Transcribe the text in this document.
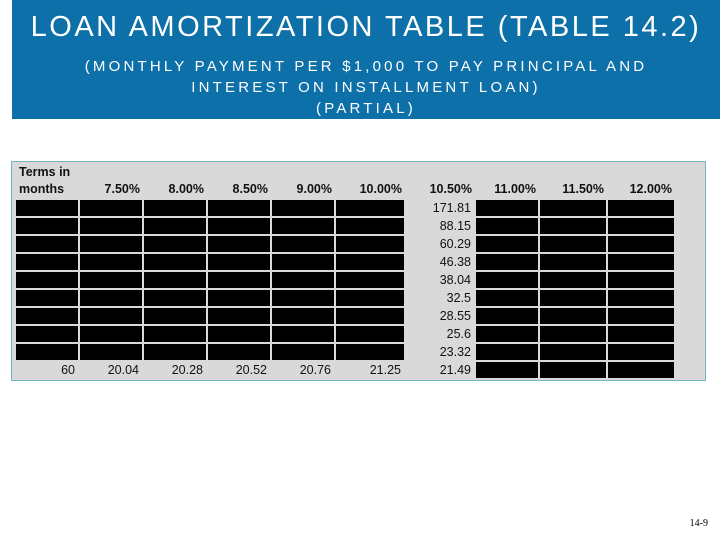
LOAN AMORTIZATION TABLE (TABLE 14.2)
(MONTHLY PAYMENT PER $1,000 TO PAY PRINCIPAL AND
INTEREST ON INSTALLMENT LOAN)
(PARTIAL)
Terms in
months	7.50%	8.00%	8.50%	9.00%	10.00%	10.50%	11.00%	11.50%	12.00%
						171.81			
						88.15			
						60.29			
						46.38			
						38.04			
						32.5			
						28.55			
						25.6			
						23.32			
60	20.04	20.28	20.52	20.76	21.25	21.49			
14-9
